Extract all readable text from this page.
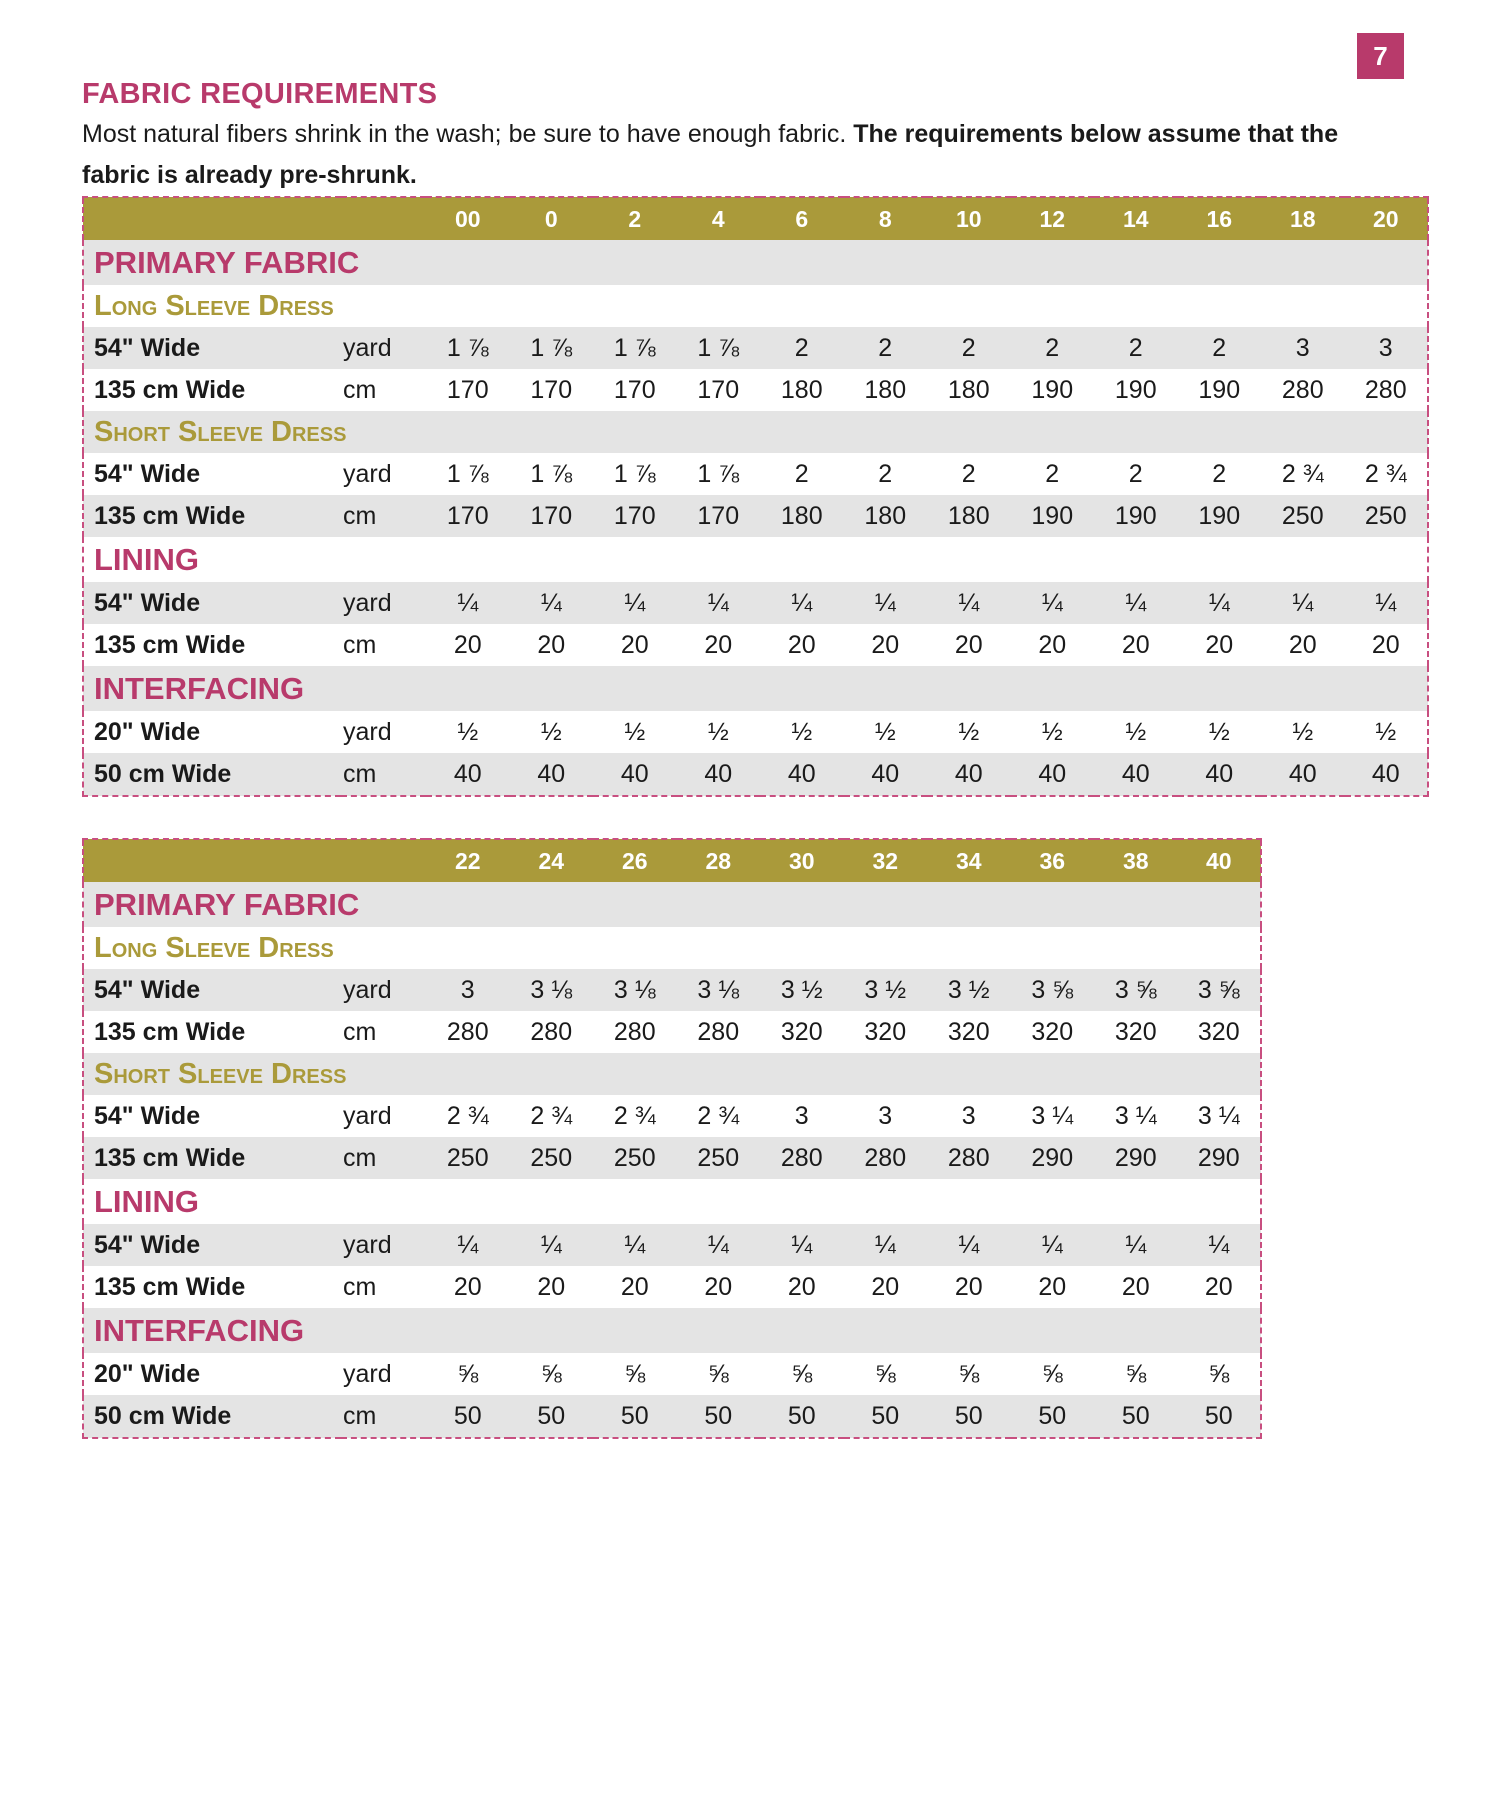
7
FABRIC REQUIREMENTS
Most natural fibers shrink in the wash; be sure to have enough fabric. The requirements below assume that the fabric is already pre-shrunk.
		00	0	2	4	6	8	10	12	14	16	18	20
PRIMARY FABRIC													
Long Sleeve Dress													
54" Wide	yard	1 ⅞	1 ⅞	1 ⅞	1 ⅞	2	2	2	2	2	2	3	3
135 cm Wide	cm	170	170	170	170	180	180	180	190	190	190	280	280
Short Sleeve Dress													
54" Wide	yard	1 ⅞	1 ⅞	1 ⅞	1 ⅞	2	2	2	2	2	2	2 ¾	2 ¾
135 cm Wide	cm	170	170	170	170	180	180	180	190	190	190	250	250
LINING													
54" Wide	yard	¼	¼	¼	¼	¼	¼	¼	¼	¼	¼	¼	¼
135 cm Wide	cm	20	20	20	20	20	20	20	20	20	20	20	20
INTERFACING													
20" Wide	yard	½	½	½	½	½	½	½	½	½	½	½	½
50 cm Wide	cm	40	40	40	40	40	40	40	40	40	40	40	40
		22	24	26	28	30	32	34	36	38	40
PRIMARY FABRIC											
Long Sleeve Dress											
54" Wide	yard	3	3 ⅛	3 ⅛	3 ⅛	3 ½	3 ½	3 ½	3 ⅝	3 ⅝	3 ⅝
135 cm Wide	cm	280	280	280	280	320	320	320	320	320	320
Short Sleeve Dress											
54" Wide	yard	2 ¾	2 ¾	2 ¾	2 ¾	3	3	3	3 ¼	3 ¼	3 ¼
135 cm Wide	cm	250	250	250	250	280	280	280	290	290	290
LINING											
54" Wide	yard	¼	¼	¼	¼	¼	¼	¼	¼	¼	¼
135 cm Wide	cm	20	20	20	20	20	20	20	20	20	20
INTERFACING											
20" Wide	yard	⅝	⅝	⅝	⅝	⅝	⅝	⅝	⅝	⅝	⅝
50 cm Wide	cm	50	50	50	50	50	50	50	50	50	50
